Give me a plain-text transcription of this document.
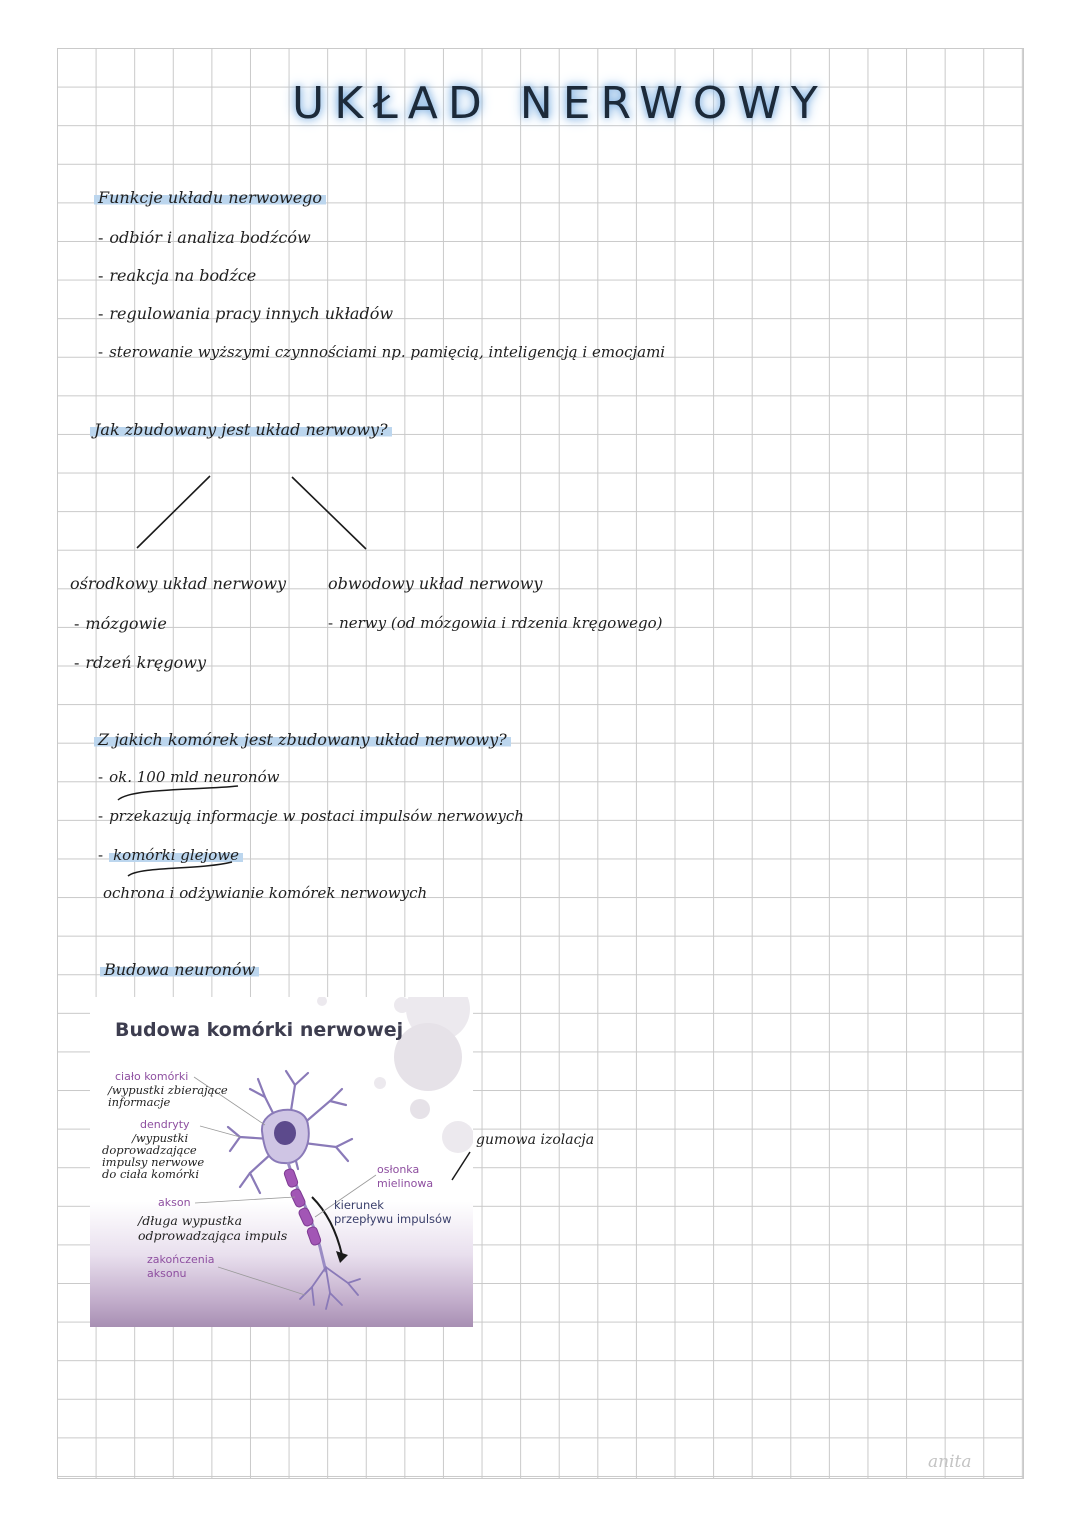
UKŁAD NERWOWY
Funkcje układu nerwowego
- odbiór i analiza bodźców
- reakcja na bodźce
- regulowania pracy innych układów
- sterowanie wyższymi czynnościami np. pamięcią, inteligencją i emocjami
Jak zbudowany jest układ nerwowy?
ośrodkowy układ nerwowy
- mózgowie
- rdzeń kręgowy
obwodowy układ nerwowy
- nerwy (od mózgowia i rdzenia kręgowego)
Z jakich komórek jest zbudowany układ nerwowy?
- ok. 100 mld neuronów
- przekazują informacje w postaci impulsów nerwowych
- komórki glejowe
ochrona i odżywianie komórek nerwowych
Budowa neuronów
Budowa komórki nerwowej
ciało komórki
/wypustki zbierające
informacje
dendryty
/wypustki
doprowadzające
impulsy nerwowe
do ciała komórki
akson
/długa wypustka
odprowadzająca impuls
zakończenia
aksonu
osłonka
mielinowa
kierunek
przepływu impulsów
gumowa izolacja
anita
